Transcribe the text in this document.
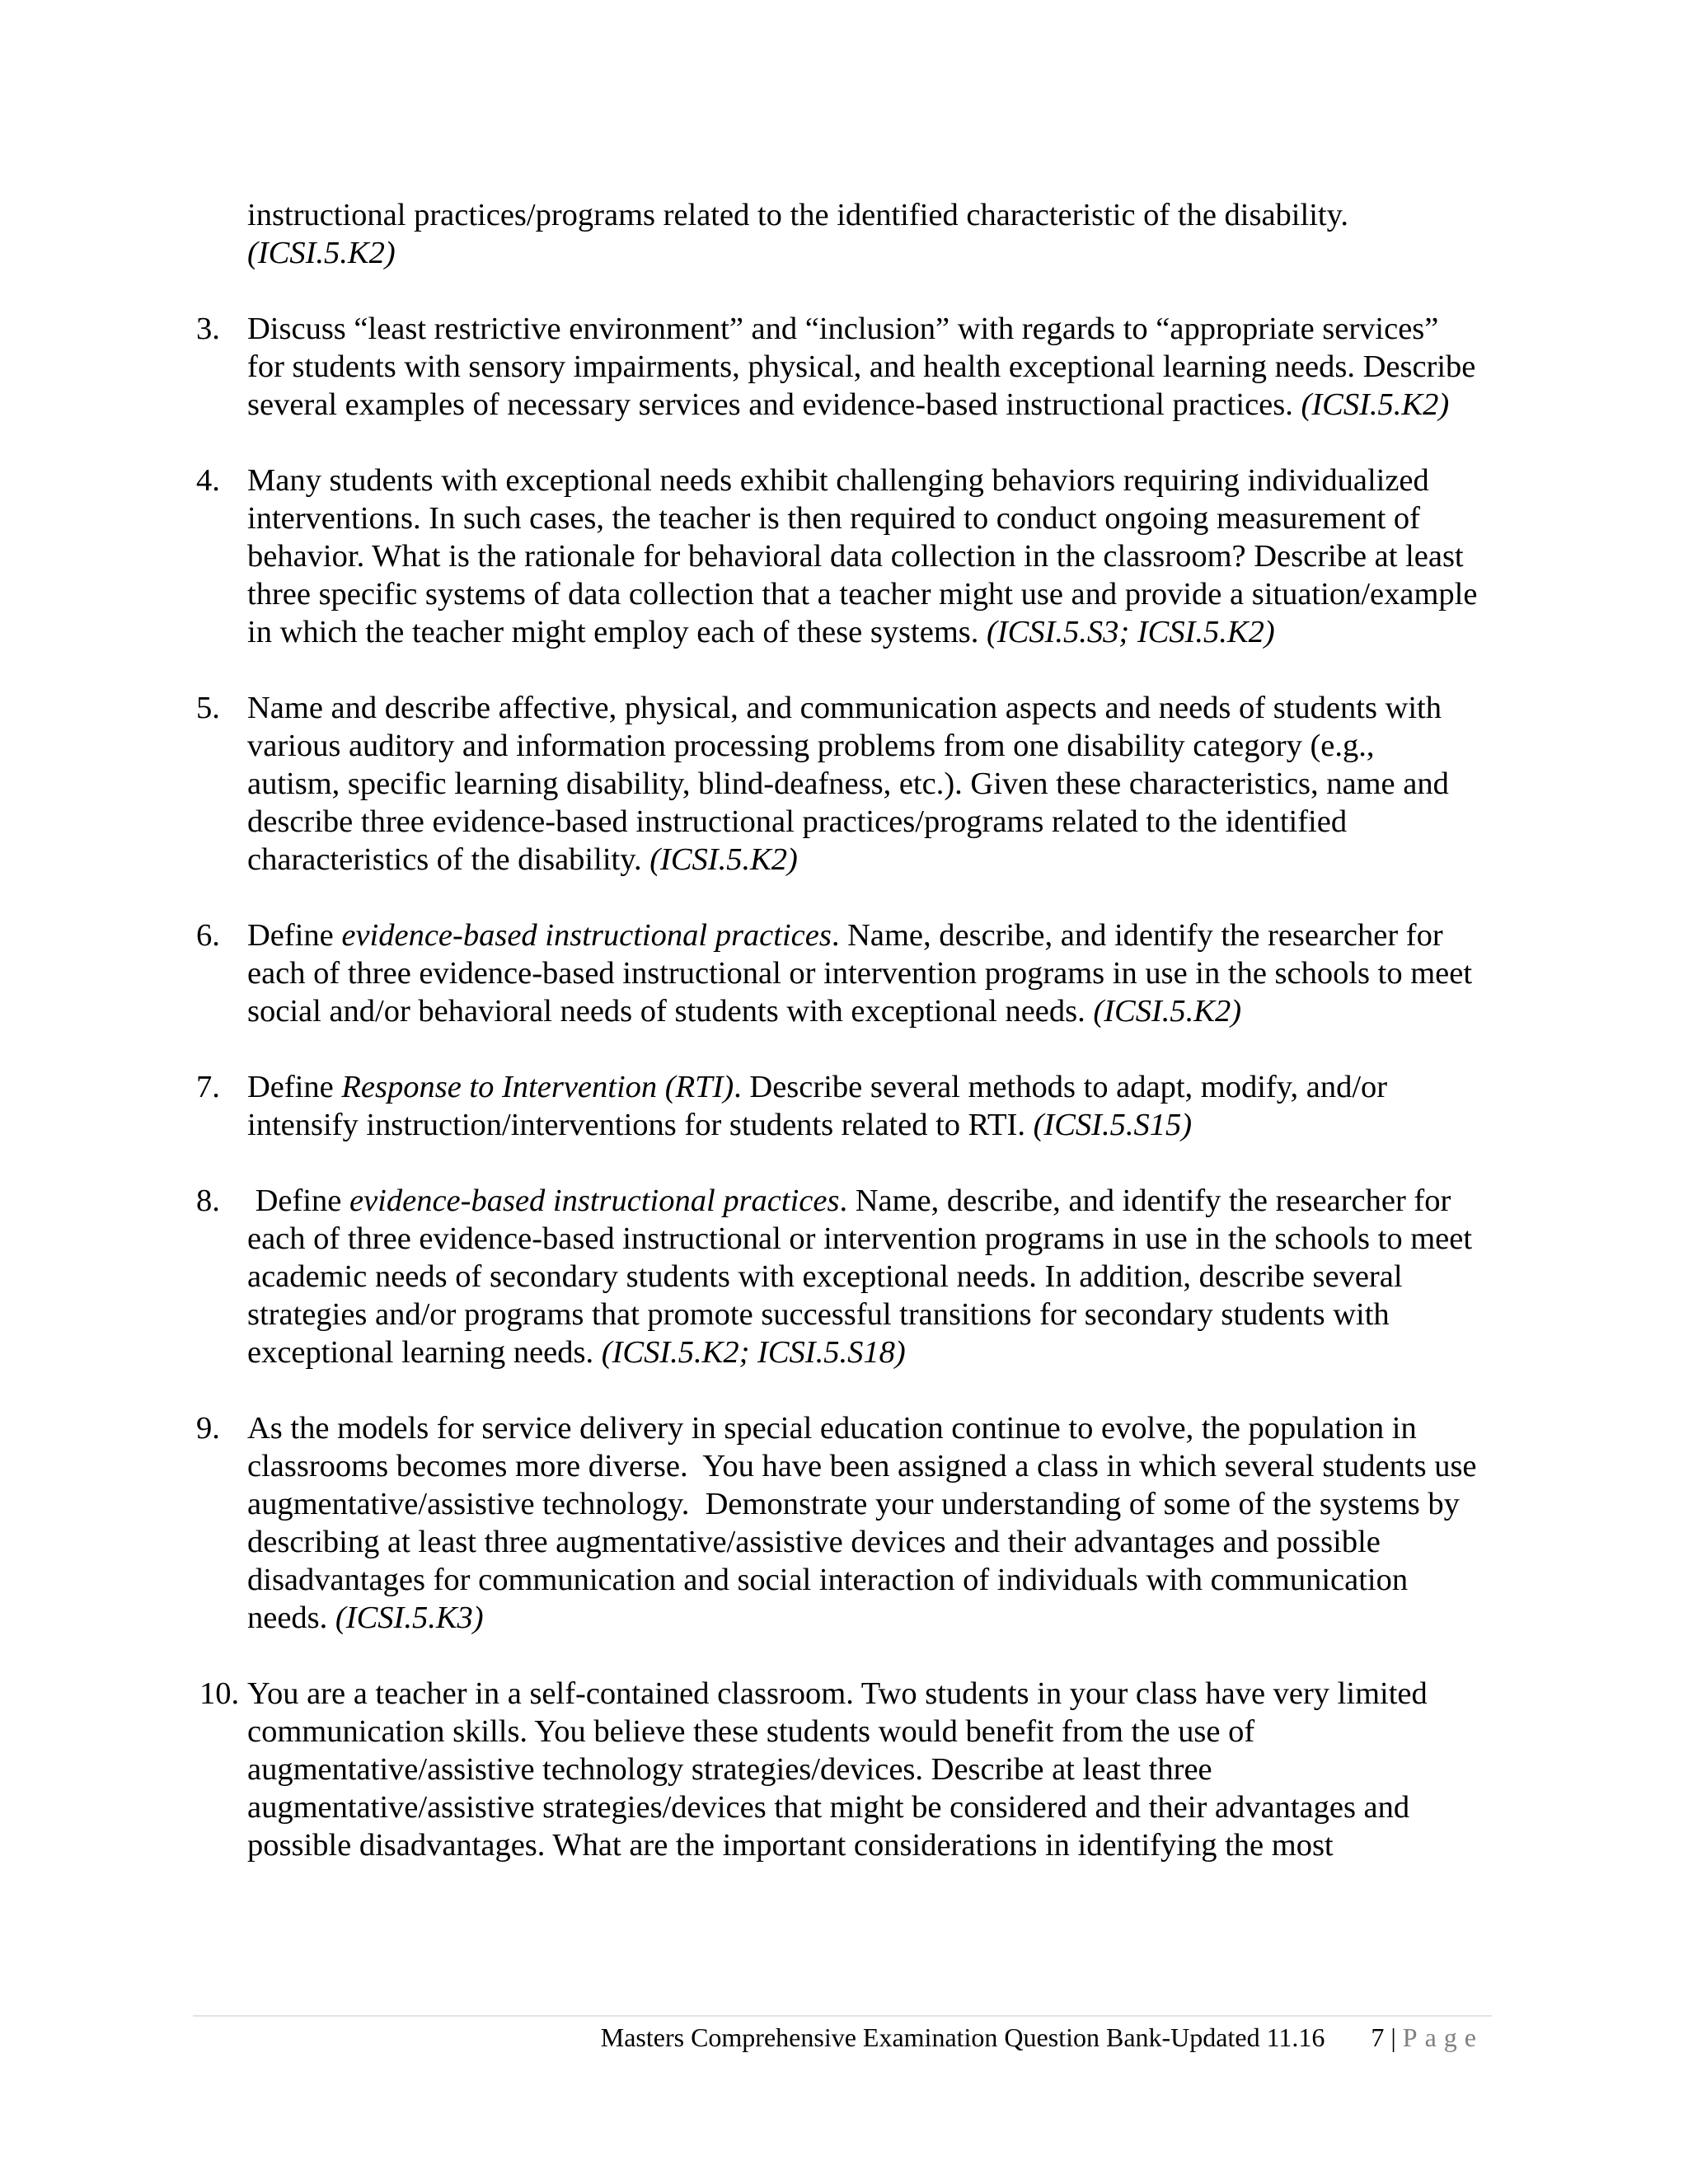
instructional practices/programs related to the identified characteristic of the disability.
(ICSI.5.K2)

3. Discuss “least restrictive environment” and “inclusion” with regards to “appropriate services” for students with sensory impairments, physical, and health exceptional learning needs. Describe several examples of necessary services and evidence-based instructional practices. (ICSI.5.K2)
4. Many students with exceptional needs exhibit challenging behaviors requiring individualized interventions. In such cases, the teacher is then required to conduct ongoing measurement of behavior. What is the rationale for behavioral data collection in the classroom? Describe at least three specific systems of data collection that a teacher might use and provide a situation/example in which the teacher might employ each of these systems. (ICSI.5.S3; ICSI.5.K2)
5. Name and describe affective, physical, and communication aspects and needs of students with various auditory and information processing problems from one disability category (e.g., autism, specific learning disability, blind-deafness, etc.). Given these characteristics, name and describe three evidence-based instructional practices/programs related to the identified characteristics of the disability. (ICSI.5.K2)
6. Define evidence-based instructional practices. Name, describe, and identify the researcher for each of three evidence-based instructional or intervention programs in use in the schools to meet social and/or behavioral needs of students with exceptional needs. (ICSI.5.K2)
7. Define Response to Intervention (RTI). Describe several methods to adapt, modify, and/or intensify instruction/interventions for students related to RTI. (ICSI.5.S15)
8. Define evidence-based instructional practices. Name, describe, and identify the researcher for each of three evidence-based instructional or intervention programs in use in the schools to meet academic needs of secondary students with exceptional needs. In addition, describe several strategies and/or programs that promote successful transitions for secondary students with exceptional learning needs. (ICSI.5.K2; ICSI.5.S18)
9. As the models for service delivery in special education continue to evolve, the population in classrooms becomes more diverse.  You have been assigned a class in which several students use augmentative/assistive technology.  Demonstrate your understanding of some of the systems by describing at least three augmentative/assistive devices and their advantages and possible disadvantages for communication and social interaction of individuals with communication needs. (ICSI.5.K3)
10. You are a teacher in a self-contained classroom. Two students in your class have very limited communication skills. You believe these students would benefit from the use of augmentative/assistive technology strategies/devices. Describe at least three augmentative/assistive strategies/devices that might be considered and their advantages and possible disadvantages. What are the important considerations in identifying the most
Masters Comprehensive Examination Question Bank-Updated 11.16 7 | Page
